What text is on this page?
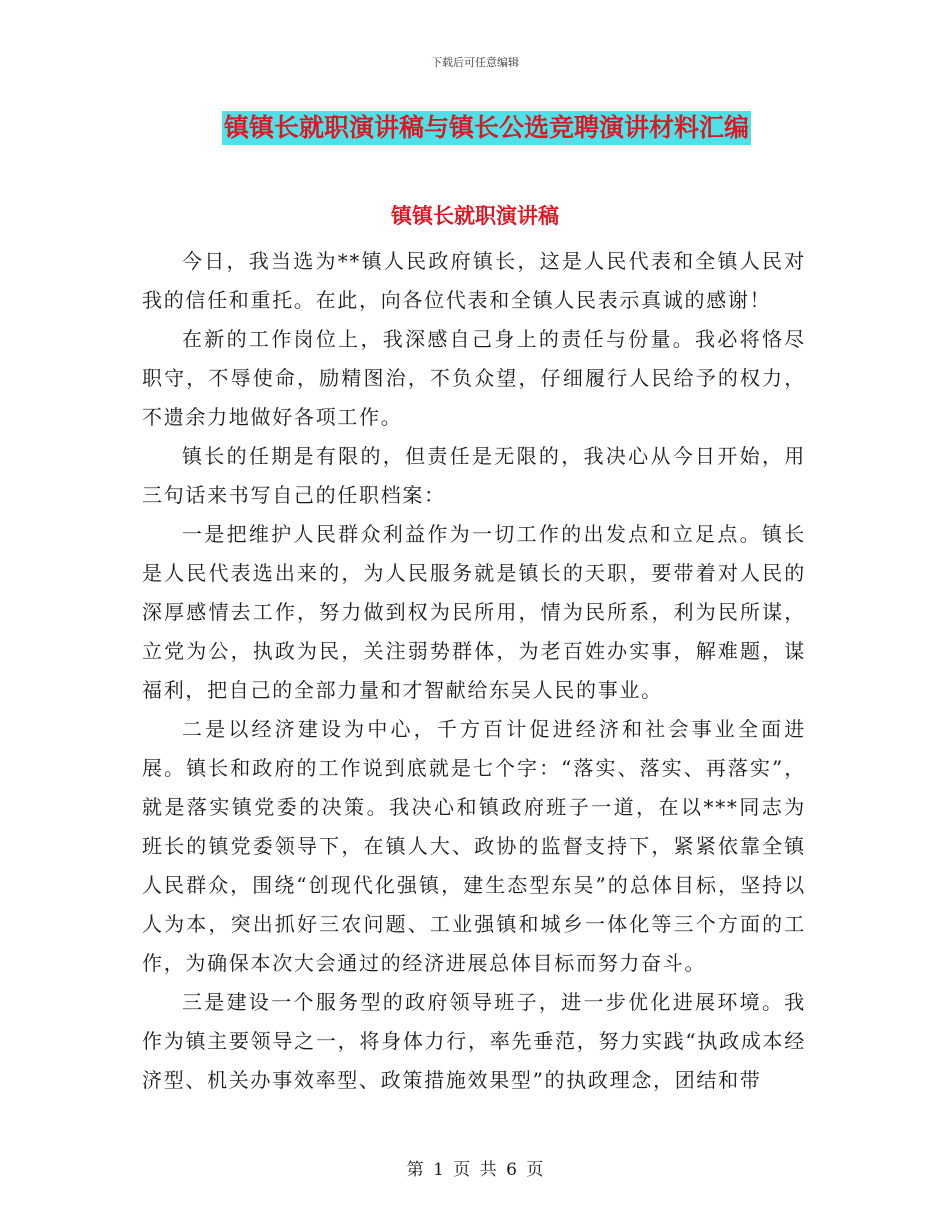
下载后可任意编辑
镇镇长就职演讲稿与镇长公选竞聘演讲材料汇编
镇镇长就职演讲稿

今日，我当选为**镇人民政府镇长，这是人民代表和全镇人民对我的信任和重托。在此，向各位代表和全镇人民表示真诚的感谢！

在新的工作岗位上，我深感自己身上的责任与份量。我必将恪尽职守，不辱使命，励精图治，不负众望，仔细履行人民给予的权力，不遗余力地做好各项工作。

镇长的任期是有限的，但责任是无限的，我决心从今日开始，用三句话来书写自己的任职档案：

一是把维护人民群众利益作为一切工作的出发点和立足点。镇长是人民代表选出来的，为人民服务就是镇长的天职，要带着对人民的深厚感情去工作，努力做到权为民所用，情为民所系，利为民所谋，立党为公，执政为民，关注弱势群体，为老百姓办实事，解难题，谋福利，把自己的全部力量和才智献给东吴人民的事业。

二是以经济建设为中心，千方百计促进经济和社会事业全面进展。镇长和政府的工作说到底就是七个字：“落实、落实、再落实”，就是落实镇党委的决策。我决心和镇政府班子一道，在以***同志为班长的镇党委领导下，在镇人大、政协的监督支持下，紧紧依靠全镇人民群众，围绕“创现代化强镇，建生态型东吴”的总体目标，坚持以人为本，突出抓好三农问题、工业强镇和城乡一体化等三个方面的工作，为确保本次大会通过的经济进展总体目标而努力奋斗。

三是建设一个服务型的政府领导班子，进一步优化进展环境。我作为镇主要领导之一，将身体力行，率先垂范，努力实践“执政成本经济型、机关办事效率型、政策措施效果型”的执政理念，团结和带

第 1 页 共 6 页
